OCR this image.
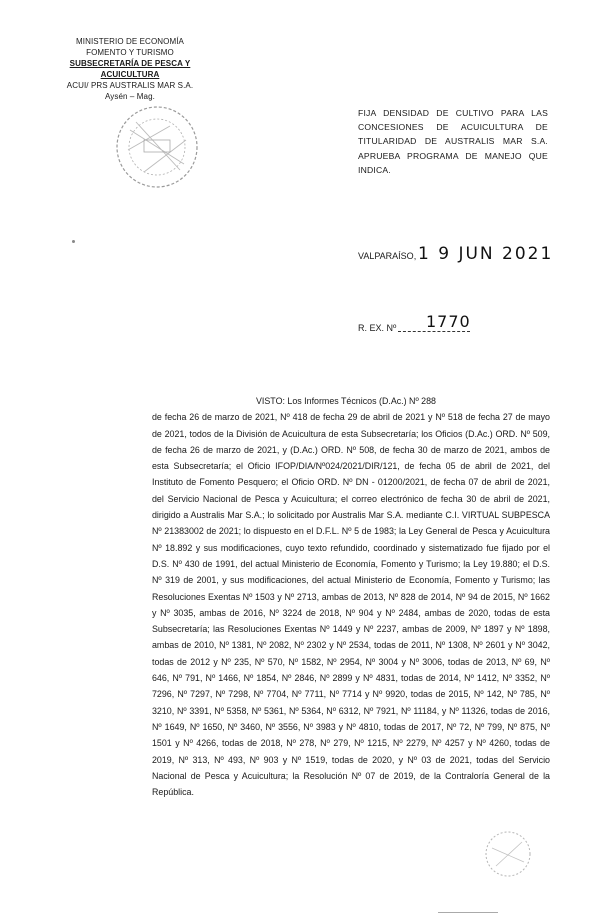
MINISTERIO DE ECONOMÍA
FOMENTO Y TURISMO
SUBSECRETARÍA DE PESCA Y ACUICULTURA
ACUI/ PRS AUSTRALIS MAR S.A.
Aysén – Mag.
FIJA DENSIDAD DE CULTIVO PARA LAS CONCESIONES DE ACUICULTURA DE TITULARIDAD DE AUSTRALIS MAR S.A. APRUEBA PROGRAMA DE MANEJO QUE INDICA.
VALPARAÍSO, 1 9 JUN 2021
R. EX. Nº 1770
VISTO: Los Informes Técnicos (D.Ac.) Nº 288
de fecha 26 de marzo de 2021, Nº 418 de fecha 29 de abril de 2021 y Nº 518 de fecha 27 de mayo de 2021, todos de la División de Acuicultura de esta Subsecretaría; los Oficios (D.Ac.) ORD. Nº 509, de fecha 26 de marzo de 2021, y (D.Ac.) ORD. Nº 508, de fecha 30 de marzo de 2021, ambos de esta Subsecretaría; el Oficio IFOP/DIA/Nº024/2021/DIR/121, de fecha 05 de abril de 2021, del Instituto de Fomento Pesquero; el Oficio ORD. Nº DN - 01200/2021, de fecha 07 de abril de 2021, del Servicio Nacional de Pesca y Acuicultura; el correo electrónico de fecha 30 de abril de 2021, dirigido a Australis Mar S.A.; lo solicitado por Australis Mar S.A. mediante C.I. VIRTUAL SUBPESCA Nº 21383002 de 2021; lo dispuesto en el D.F.L. Nº 5 de 1983; la Ley General de Pesca y Acuicultura Nº 18.892 y sus modificaciones, cuyo texto refundido, coordinado y sistematizado fue fijado por el D.S. Nº 430 de 1991, del actual Ministerio de Economía, Fomento y Turismo; la Ley 19.880; el D.S. Nº 319 de 2001, y sus modificaciones, del actual Ministerio de Economía, Fomento y Turismo; las Resoluciones Exentas Nº 1503 y Nº 2713, ambas de 2013, Nº 828 de 2014, Nº 94 de 2015, Nº 1662 y Nº 3035, ambas de 2016, Nº 3224 de 2018, Nº 904 y Nº 2484, ambas de 2020, todas de esta Subsecretaría; las Resoluciones Exentas Nº 1449 y Nº 2237, ambas de 2009, Nº 1897 y Nº 1898, ambas de 2010, Nº 1381, Nº 2082, Nº 2302 y Nº 2534, todas de 2011, Nº 1308, Nº 2601 y Nº 3042, todas de 2012 y Nº 235, Nº 570, Nº 1582, Nº 2954, Nº 3004 y Nº 3006, todas de 2013, Nº 69, Nº 646, Nº 791, Nº 1466, Nº 1854, Nº 2846, Nº 2899 y Nº 4831, todas de 2014, Nº 1412, Nº 3352, Nº 7296, Nº 7297, Nº 7298, Nº 7704, Nº 7711, Nº 7714 y Nº 9920, todas de 2015, Nº 142, Nº 785, Nº 3210, Nº 3391, Nº 5358, Nº 5361, Nº 5364, Nº 6312, Nº 7921, Nº 11184, y Nº 11326, todas de 2016, Nº 1649, Nº 1650, Nº 3460, Nº 3556, Nº 3983 y Nº 4810, todas de 2017, Nº 72, Nº 799, Nº 875, Nº 1501 y Nº 4266, todas de 2018, Nº 278, Nº 279, Nº 1215, Nº 2279, Nº 4257 y Nº 4260, todas de 2019, Nº 313, Nº 493, Nº 903 y Nº 1519, todas de 2020, y Nº 03 de 2021, todas del Servicio Nacional de Pesca y Acuicultura; la Resolución Nº 07 de 2019, de la Contraloría General de la República.
